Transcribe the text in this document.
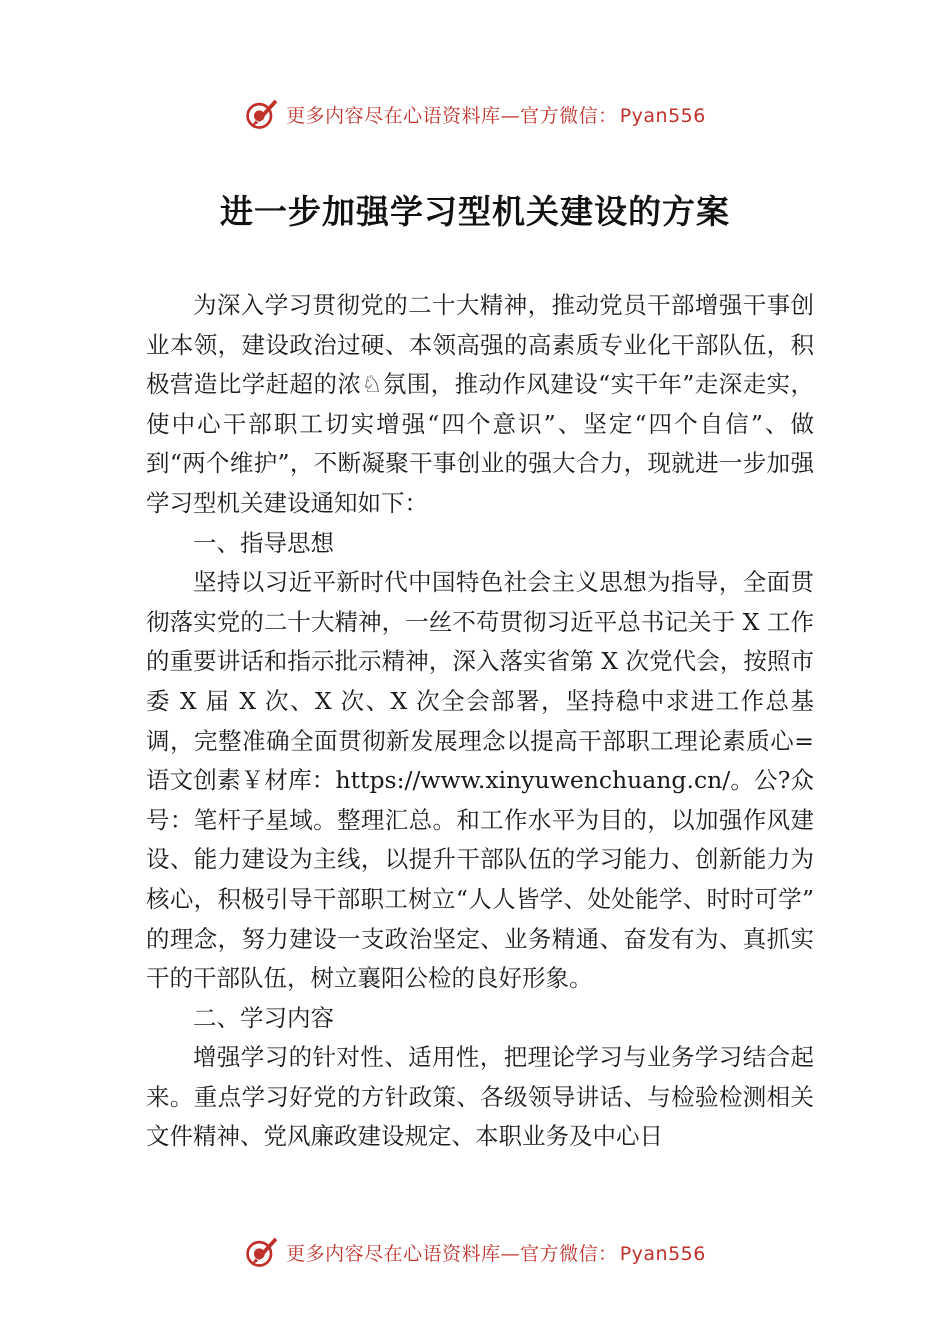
更多内容尽在心语资料库—官方微信： Pyan556
进一步加强学习型机关建设的方案

为深入学习贯彻党的二十大精神，推动党员干部增强干事创业本领，建设政治过硬、本领高强的高素质专业化干部队伍，积极营造比学赶超的浓♘氛围，推动作风建设“实干年”走深走实，使中心干部职工切实增强“四个意识”、坚定“四个自信”、做到“两个维护”，不断凝聚干事创业的强大合力，现就进一步加强学习型机关建设通知如下：

一、指导思想

坚持以习近平新时代中国特色社会主义思想为指导，全面贯彻落实党的二十大精神，一丝不苟贯彻习近平总书记关于 X 工作的重要讲话和指示批示精神，深入落实省第 X 次党代会，按照市委 X 届 X 次、X 次、X 次全会部署，坚持稳中求进工作总基调，完整准确全面贯彻新发展理念以提高干部职工理论素质心=语文创素￥材库：https://www.xinyuwenchuang.cn/。公?众号：笔杆子星域。整理汇总。和工作水平为目的，以加强作风建设、能力建设为主线，以提升干部队伍的学习能力、创新能力为核心，积极引导干部职工树立“人人皆学、处处能学、时时可学” 的理念，努力建设一支政治坚定、业务精通、奋发有为、真抓实干的干部队伍，树立襄阳公检的良好形象。

二、学习内容

增强学习的针对性、适用性，把理论学习与业务学习结合起来。重点学习好党的方针政策、各级领导讲话、与检验检测相关文件精神、党风廉政建设规定、本职业务及中心日

更多内容尽在心语资料库—官方微信： Pyan556
